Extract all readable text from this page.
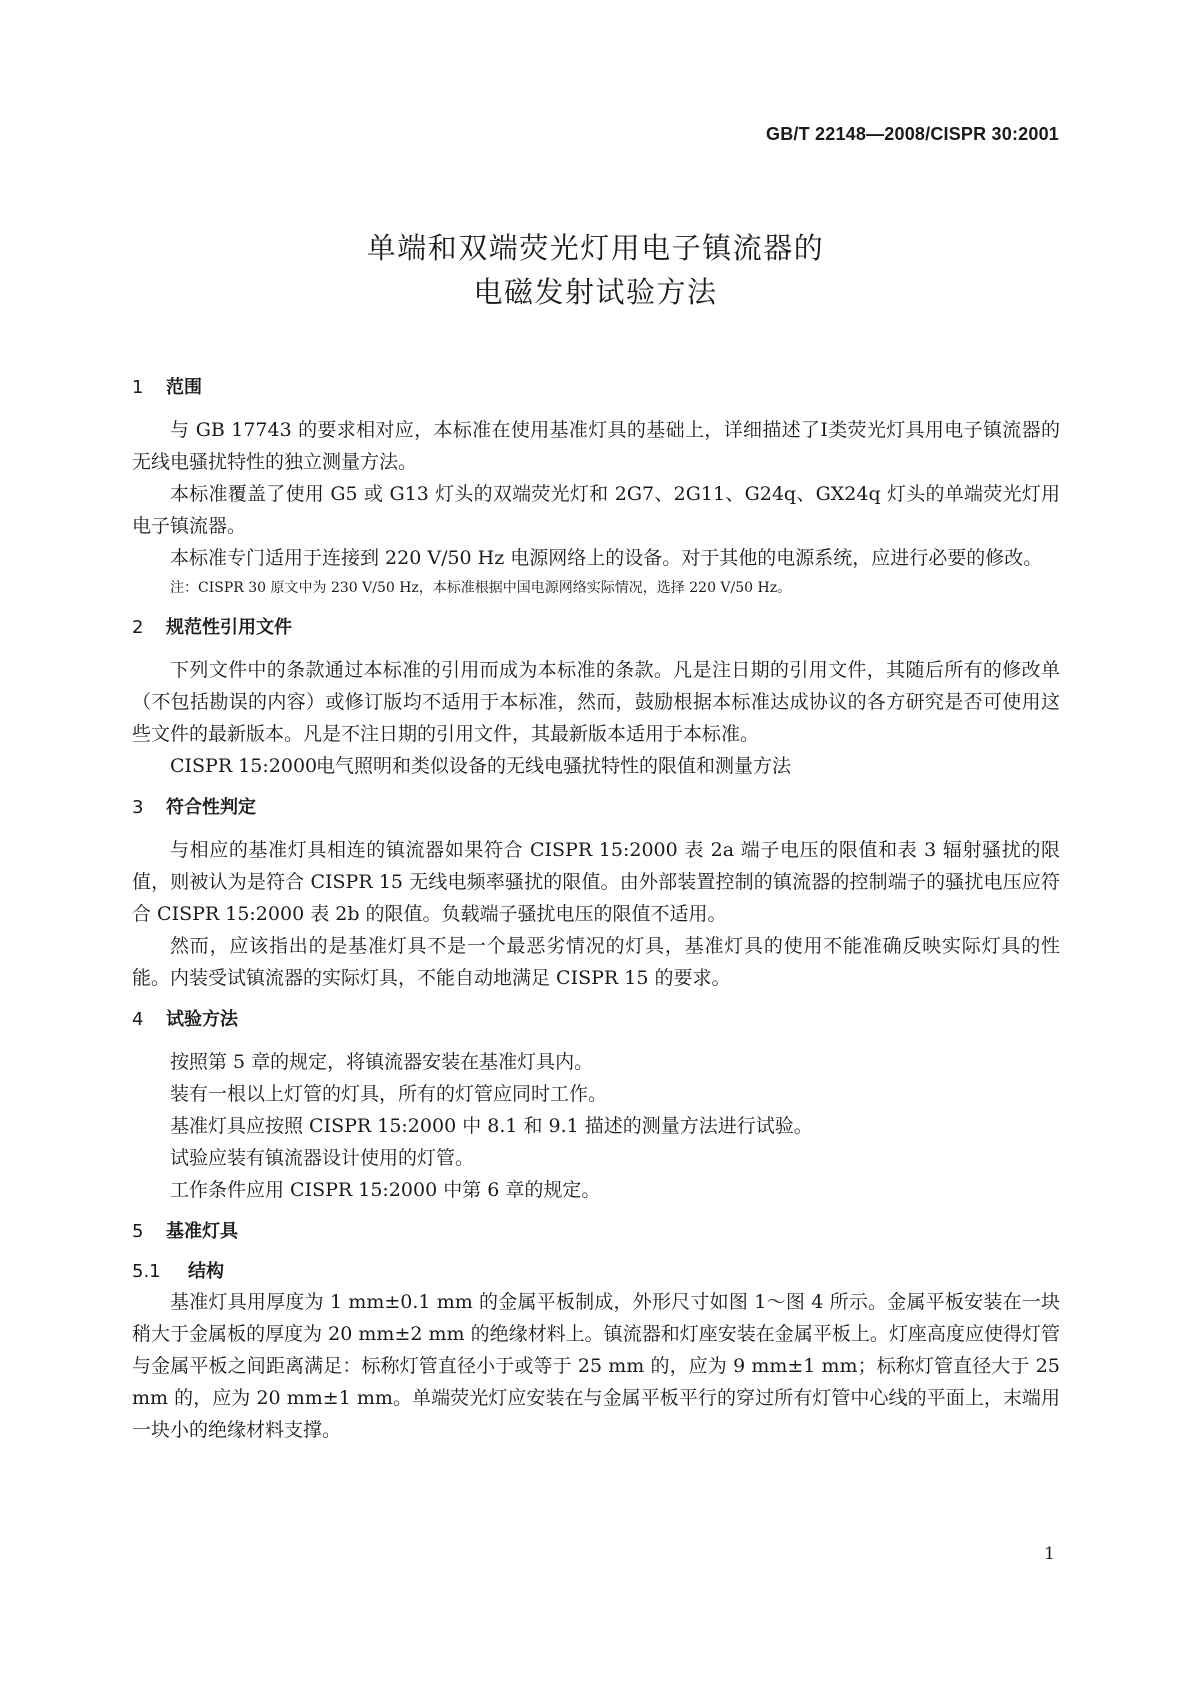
GB/T 22148—2008/CISPR 30:2001
单端和双端荧光灯用电子镇流器的
电磁发射试验方法
1 范围

与 GB 17743 的要求相对应，本标准在使用基准灯具的基础上，详细描述了Ⅰ类荧光灯具用电子镇流器的无线电骚扰特性的独立测量方法。

本标准覆盖了使用 G5 或 G13 灯头的双端荧光灯和 2G7、2G11、G24q、GX24q 灯头的单端荧光灯用电子镇流器。

本标准专门适用于连接到 220 V/50 Hz 电源网络上的设备。对于其他的电源系统，应进行必要的修改。

注：CISPR 30 原文中为 230 V/50 Hz，本标准根据中国电源网络实际情况，选择 220 V/50 Hz。
2 规范性引用文件

下列文件中的条款通过本标准的引用而成为本标准的条款。凡是注日期的引用文件，其随后所有的修改单（不包括勘误的内容）或修订版均不适用于本标准，然而，鼓励根据本标准达成协议的各方研究是否可使用这些文件的最新版本。凡是不注日期的引用文件，其最新版本适用于本标准。

CISPR 15:2000电气照明和类似设备的无线电骚扰特性的限值和测量方法
3 符合性判定

与相应的基准灯具相连的镇流器如果符合 CISPR 15:2000 表 2a 端子电压的限值和表 3 辐射骚扰的限值，则被认为是符合 CISPR 15 无线电频率骚扰的限值。由外部装置控制的镇流器的控制端子的骚扰电压应符合 CISPR 15:2000 表 2b 的限值。负载端子骚扰电压的限值不适用。

然而，应该指出的是基准灯具不是一个最恶劣情况的灯具，基准灯具的使用不能准确反映实际灯具的性能。内装受试镇流器的实际灯具，不能自动地满足 CISPR 15 的要求。

4 试验方法

按照第 5 章的规定，将镇流器安装在基准灯具内。

装有一根以上灯管的灯具，所有的灯管应同时工作。

基准灯具应按照 CISPR 15:2000 中 8.1 和 9.1 描述的测量方法进行试验。

试验应装有镇流器设计使用的灯管。

工作条件应用 CISPR 15:2000 中第 6 章的规定。

5 基准灯具
5.1 结构

基准灯具用厚度为 1 mm±0.1 mm 的金属平板制成，外形尺寸如图 1～图 4 所示。金属平板安装在一块稍大于金属板的厚度为 20 mm±2 mm 的绝缘材料上。镇流器和灯座安装在金属平板上。灯座高度应使得灯管与金属平板之间距离满足：标称灯管直径小于或等于 25 mm 的，应为 9 mm±1 mm；标称灯管直径大于 25 mm 的，应为 20 mm±1 mm。单端荧光灯应安装在与金属平板平行的穿过所有灯管中心线的平面上，末端用一块小的绝缘材料支撑。

1
